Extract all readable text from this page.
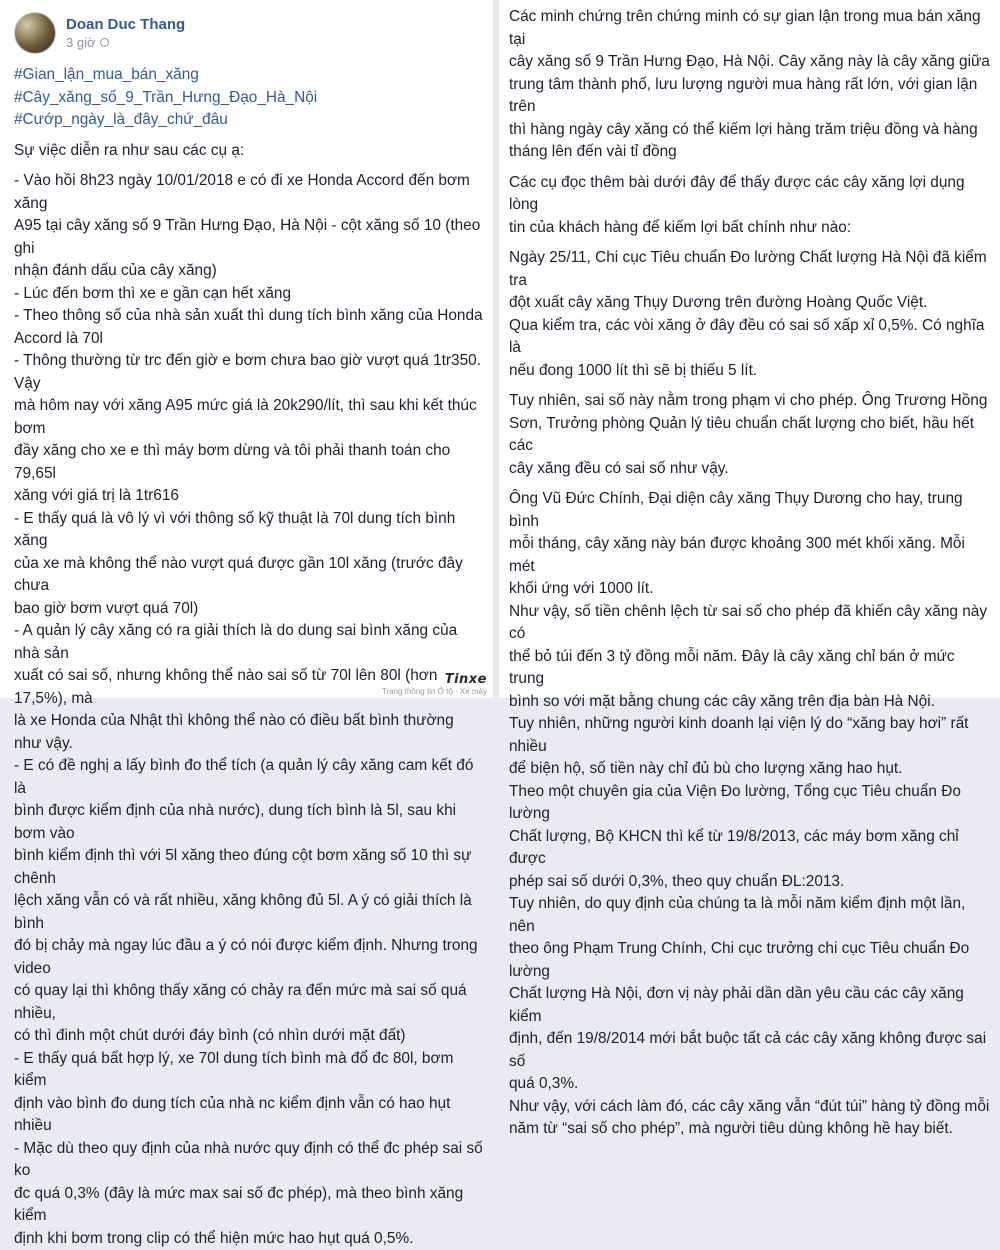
Doan Duc Thang
3 giờ
#Gian_lận_mua_bán_xăng
#Cây_xăng_số_9_Trần_Hưng_Đạo_Hà_Nội
#Cướp_ngày_là_đây_chứ_đâu

Sự việc diễn ra như sau các cụ ạ:

- Vào hồi 8h23 ngày 10/01/2018 e có đi xe Honda Accord đến bơm xăng

A95 tại cây xăng số 9 Trần Hưng Đạo, Hà Nội - cột xăng số 10 (theo ghi

nhận đánh dấu của cây xăng)

- Lúc đến bơm thì xe e gần cạn hết xăng

- Theo thông số của nhà sản xuất thì dung tích bình xăng của Honda

Accord là 70l

- Thông thường từ trc đến giờ e bơm chưa bao giờ vượt quá 1tr350. Vậy

mà hôm nay với xăng A95 mức giá là 20k290/lít, thì sau khi kết thúc bơm

đầy xăng cho xe e thì máy bơm dừng và tôi phải thanh toán cho 79,65l

xăng với giá trị là 1tr616

- E thấy quá là vô lý vì với thông số kỹ thuật là 70l dung tích bình xăng

của xe mà không thể nào vượt quá được gần 10l xăng (trước đây chưa

bao giờ bơm vượt quá 70l)

- A quản lý cây xăng có ra giải thích là do dung sai bình xăng của nhà sản

xuất có sai số, nhưng không thể nào sai số từ 70l lên 80l (hơn 17,5%), mà

là xe Honda của Nhật thì không thể nào có điều bất bình thường như vậy.

- E có đề nghị a lấy bình đo thể tích (a quản lý cây xăng cam kết đó là

bình được kiểm định của nhà nước), dung tích bình là 5l, sau khi bơm vào

bình kiểm định thì với 5l xăng theo đúng cột bơm xăng số 10 thì sự chênh

lệch xăng vẫn có và rất nhiều, xăng không đủ 5l. A ý có giải thích là bình

đó bị chảy mà ngay lúc đầu a ý có nói được kiểm định. Nhưng trong video

có quay lại thì không thấy xăng có chảy ra đến mức mà sai số quá nhiều,

có thì đinh một chút dưới đáy bình (có nhìn dưới mặt đất)

- E thấy quá bất hợp lý, xe 70l dung tích bình mà đổ đc 80l, bơm kiểm

định vào bình đo dung tích của nhà nc kiểm định vẫn có hao hụt nhiều

- Mặc dù theo quy định của nhà nước quy định có thể đc phép sai số ko

đc quá 0,3% (đây là mức max sai số đc phép), mà theo bình xăng kiểm

định khi bơm trong clip có thể hiện mức hao hụt quá 0,5%.

Tinxe
Trang thông tin Ô tô - Xe máy

Các minh chứng trên chứng minh có sự gian lận trong mua bán xăng tại

cây xăng số 9 Trần Hưng Đạo, Hà Nội. Cây xăng này là cây xăng giữa

trung tâm thành phố, lưu lượng người mua hàng rất lớn, với gian lận trên

thì hàng ngày cây xăng có thể kiếm lợi hàng trăm triệu đồng và hàng

tháng lên đến vài tỉ đồng

Các cụ đọc thêm bài dưới đây để thấy được các cây xăng lợi dụng lòng

tin của khách hàng để kiếm lợi bất chính như nào:

Ngày 25/11, Chi cục Tiêu chuẩn Đo lường Chất lượng Hà Nội đã kiểm tra

đột xuất cây xăng Thụy Dương trên đường Hoàng Quốc Việt.

Qua kiểm tra, các vòi xăng ở đây đều có sai số xấp xỉ 0,5%. Có nghĩa là

nếu đong 1000 lít thì sẽ bị thiếu 5 lít.

Tuy nhiên, sai số này nằm trong phạm vi cho phép. Ông Trương Hồng

Sơn, Trưởng phòng Quản lý tiêu chuẩn chất lượng cho biết, hầu hết các

cây xăng đều có sai số như vậy.

Ông Vũ Đức Chính, Đại diện cây xăng Thụy Dương cho hay, trung bình

mỗi tháng, cây xăng này bán được khoảng 300 mét khối xăng. Mỗi mét

khối ứng với 1000 lít.

Như vậy, số tiền chênh lệch từ sai số cho phép đã khiến cây xăng này có

thể bỏ túi đến 3 tỷ đồng mỗi năm. Đây là cây xăng chỉ bán ở mức trung

bình so với mặt bằng chung các cây xăng trên địa bàn Hà Nội.

Tuy nhiên, những người kinh doanh lại viện lý do “xăng bay hơi” rất nhiều

để biện hộ, số tiền này chỉ đủ bù cho lượng xăng hao hụt.

Theo một chuyên gia của Viện Đo lường, Tổng cục Tiêu chuẩn Đo lường

Chất lượng, Bộ KHCN thì kể từ 19/8/2013, các máy bơm xăng chỉ được

phép sai số dưới 0,3%, theo quy chuẩn ĐL:2013.

Tuy nhiên, do quy định của chúng ta là mỗi năm kiểm định một lần, nên

theo ông Phạm Trung Chính, Chi cục trưởng chi cục Tiêu chuẩn Đo lường

Chất lượng Hà Nội, đơn vị này phải dần dần yêu cầu các cây xăng kiểm

định, đến 19/8/2014 mới bắt buộc tất cả các cây xăng không được sai số

quá 0,3%.

Như vậy, với cách làm đó, các cây xăng vẫn “đút túi” hàng tỷ đồng mỗi

năm từ “sai số cho phép”, mà người tiêu dùng không hề hay biết.
